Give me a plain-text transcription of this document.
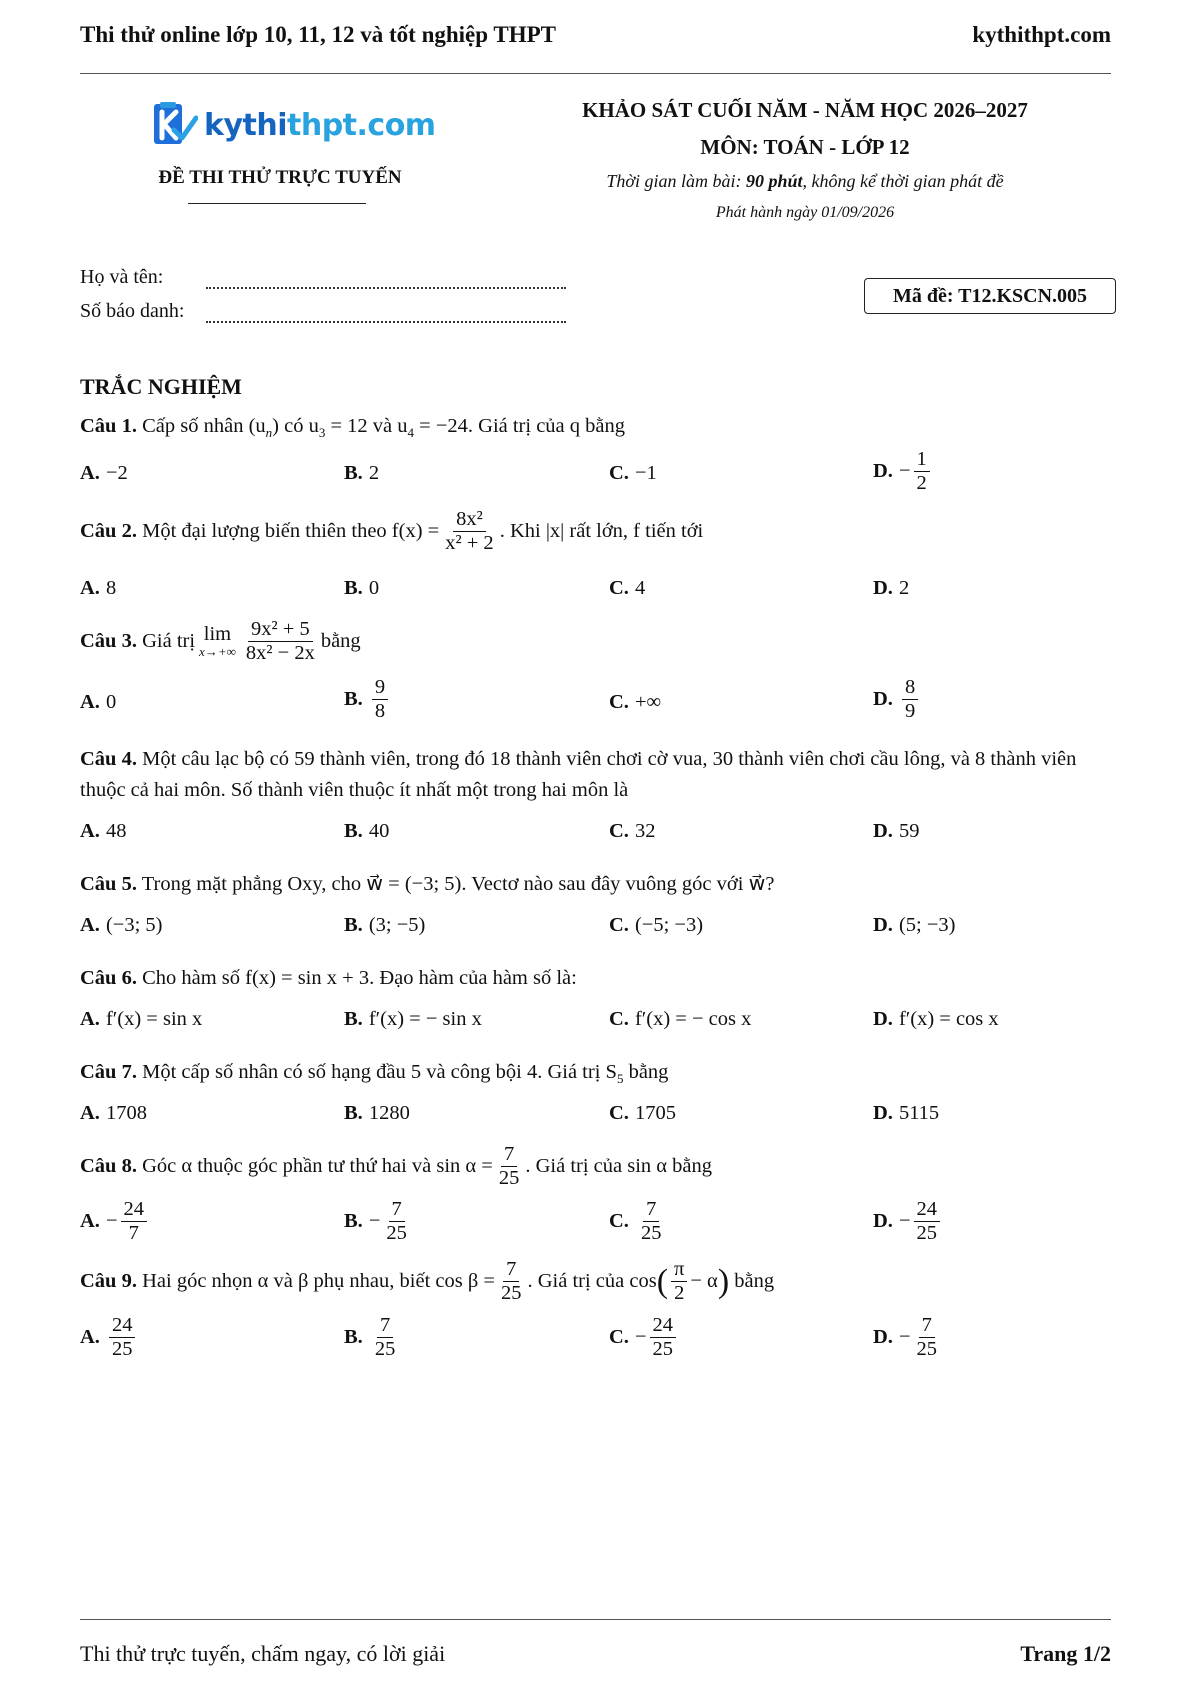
Thi thử online lớp 10, 11, 12 và tốt nghiệp THPT	kythithpt.com
kythithpt.com
ĐỀ THI THỬ TRỰC TUYẾN
KHẢO SÁT CUỐI NĂM - NĂM HỌC 2026–2027
MÔN: TOÁN - LỚP 12
Thời gian làm bài: 90 phút, không kể thời gian phát đề
Phát hành ngày 01/09/2026
Họ và tên:
Số báo danh:
Mã đề: T12.KSCN.005
TRẮC NGHIỆM
Câu 1. Cấp số nhân $(u_n)$ có $u_3 = 12$ và $u_4 = -24$. Giá trị của q bằng
A. −2	B. 2	C. −1	D. − $\frac{1}{2}$
Câu 2.
Một đại lượng biến thiên theo $f(x) = \frac{\text{8x²}}{\text{x² + 2}}$ . Khi |x| rất lớn, f tiến tới
A. 8	B. 0	C. 4	D. 2
Câu 3.
Giá trị lim
$x\to+\infty \frac{\text{9x² + 5}}{\text{8x² − 2x}}$ bằng
A. 0	B. $\frac{9}{8}$	C. +∞	D. $\frac{8}{9}$
Câu 4. Một câu lạc bộ có 59 thành viên, trong đó 18 thành viên chơi cờ vua, 30 thành viên chơi cầu lông, và 8 thành viên thuộc cả hai môn. Số thành viên thuộc ít nhất một trong hai môn là
A. 48	B. 40	C. 32	D. 59
Câu 5. Trong mặt phẳng Oxy, cho w⃗ = (−3; 5). Vectơ nào sau đây vuông góc với w⃗?
A. (−3; 5)	B. (3; −5)	C. (−5; −3)	D. (5; −3)
Câu 6. Cho hàm số f(x) = sin x + 3. Đạo hàm của hàm số là:
A. f′(x) = sin x	B. f′(x) = − sin x	C. f′(x) = − cos x	D. f′(x) = cos x
Câu 7. Một cấp số nhân có số hạng đầu 5 và công bội 4. Giá trị $S_5$ bằng
A. 1708	B. 1280	C. 1705	D. 5115
Câu 8.
Góc α thuộc góc phần tư thứ hai và $\sin \alpha = \frac{7}{25}$ . Giá trị của sin α bằng
A. − $\frac{24}{7}$	B. − $\frac{7}{25}$	C. $\frac{7}{25}$	D. − $\frac{24}{25}$
Câu 9.
Hai góc nhọn α và β phụ nhau, biết $\cos \beta = \frac{7}{25}$ . Giá trị của cos ( $\frac{\pi}{2} - \alpha$ )
bằng
A. $\frac{24}{25}$	B. $\frac{7}{25}$	C. − $\frac{24}{25}$	D. − $\frac{7}{25}$
Thi thử trực tuyến, chấm ngay, có lời giải	Trang 1/2
